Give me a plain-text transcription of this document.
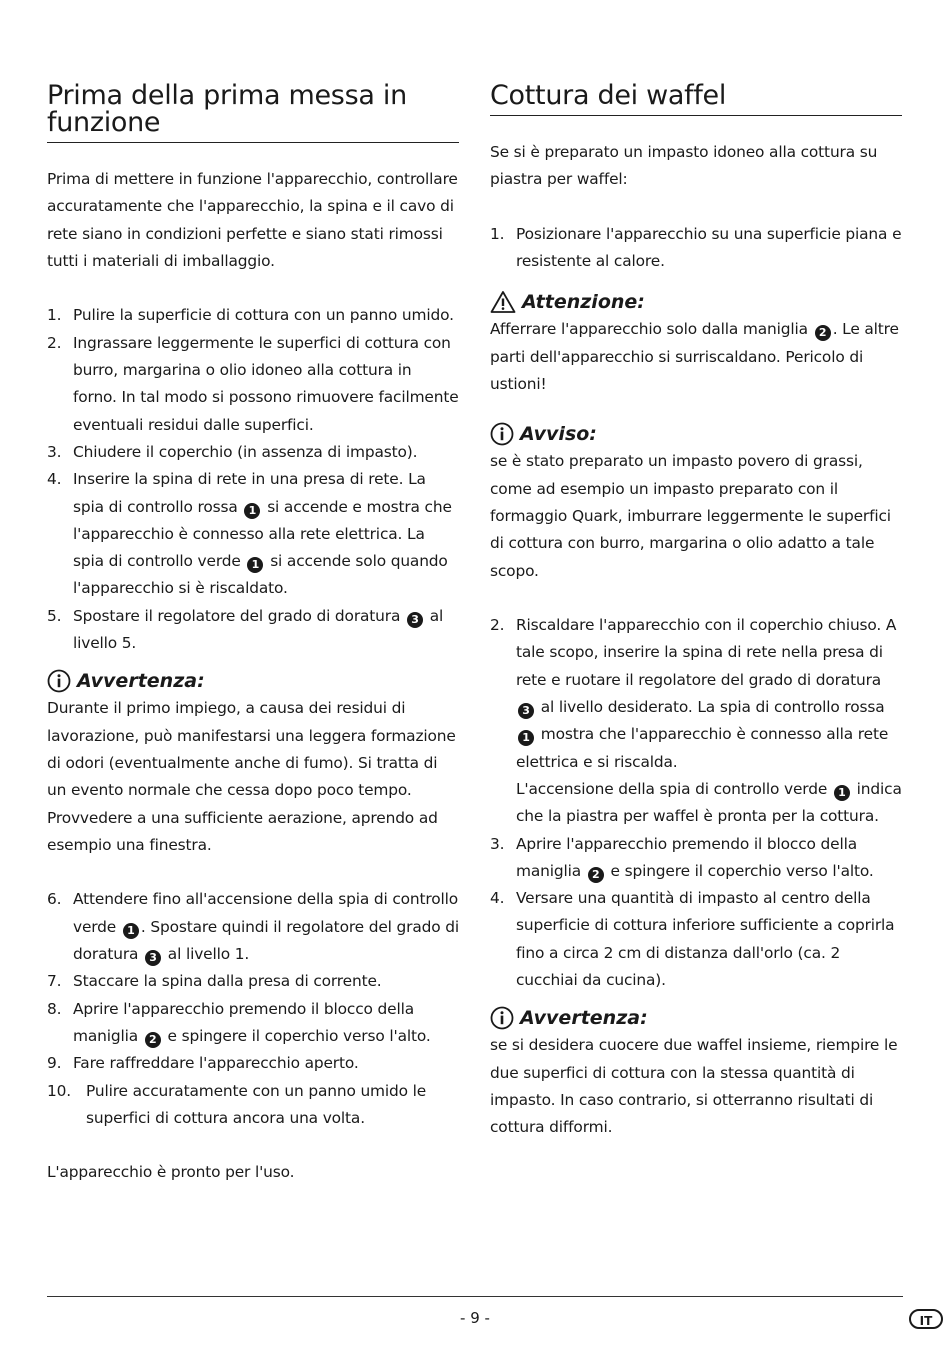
Prima della prima messa in funzione

Prima di mettere in funzione l'apparecchio, controllare accuratamente che l'apparecchio, la spina e il cavo di rete siano in condizioni perfette e siano stati rimossi tutti i materiali di imballaggio.

1. Pulire la superficie di cottura con un panno umido.
2. Ingrassare leggermente le superfici di cottura con burro, margarina o olio idoneo alla cottura in forno. In tal modo si possono rimuovere facilmente eventuali residui dalle superfici.
3. Chiudere il coperchio (in assenza di impasto).
4. Inserire la spina di rete in una presa di rete. La spia di controllo rossa 1 si accende e mostra che l'apparecchio è connesso alla rete elettrica. La spia di controllo verde 1 si accende solo quando l'apparecchio si è riscaldato.
5. Spostare il regolatore del grado di doratura 3 al livello 5.
Avvertenza:

Durante il primo impiego, a causa dei residui di lavorazione, può manifestarsi una leggera formazione di odori (eventualmente anche di fumo). Si tratta di un evento normale che cessa dopo poco tempo. Provvedere a una sufficiente aerazione, aprendo ad esempio una finestra.

6. Attendere fino all'accensione della spia di controllo verde 1 . Spostare quindi il regolatore del grado di doratura 3 al livello 1.
7. Staccare la spina dalla presa di corrente.
8. Aprire l'apparecchio premendo il blocco della maniglia 2 e spingere il coperchio verso l'alto.
9. Fare raffreddare l'apparecchio aperto.
10. Pulire accuratamente con un panno umido le superfici di cottura ancora una volta.

L'apparecchio è pronto per l'uso.

Cottura dei waffel

Se si è preparato un impasto idoneo alla cottura su piastra per waffel:

1. Posizionare l'apparecchio su una superficie piana e resistente al calore.
Attenzione:

Afferrare l'apparecchio solo dalla maniglia 2 . Le altre parti dell'apparecchio si surriscaldano. Pericolo di ustioni!

Avviso:

se è stato preparato un impasto povero di grassi, come ad esempio un impasto preparato con il formaggio Quark, imburrare leggermente le superfici di cottura con burro, margarina o olio adatto a tale scopo.

2. Riscaldare l'apparecchio con il coperchio chiuso. A tale scopo, inserire la spina di rete nella presa di rete e ruotare il regolatore del grado di doratura 3 al livello desiderato. La spia di controllo rossa 1 mostra che l'apparecchio è connesso alla rete elettrica e si riscalda.
L'accensione della spia di controllo verde 1 indica che la piastra per waffel è pronta per la cottura.
3. Aprire l'apparecchio premendo il blocco della maniglia 2 e spingere il coperchio verso l'alto.
4. Versare una quantità di impasto al centro della superficie di cottura inferiore sufficiente a coprirla fino a circa 2 cm di distanza dall'orlo (ca. 2 cucchiai da cucina).
Avvertenza:

se si desidera cuocere due waffel insieme, riempire le due superfici di cottura con la stessa quantità di impasto. In caso contrario, si otterranno risultati di cottura difformi.

- 9 -	IT
